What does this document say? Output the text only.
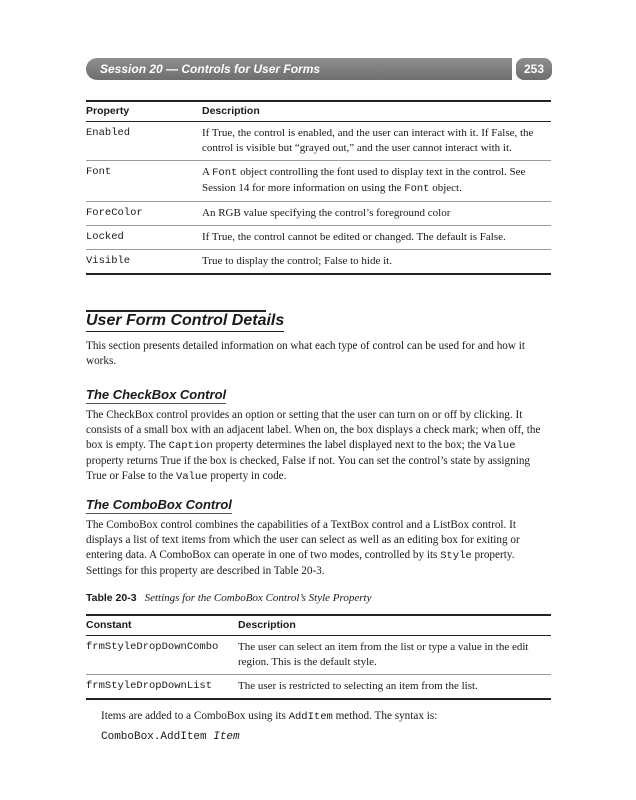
Session 20 — Controls for User Forms	253
Property	Description
Enabled	If True, the control is enabled, and the user can interact with it. If False, the control is visible but “grayed out,” and the user cannot interact with it.
Font	A Font object controlling the font used to display text in the control. See Session 14 for more information on using the Font object.
ForeColor	An RGB value specifying the control’s foreground color
Locked	If True, the control cannot be edited or changed. The default is False.
Visible	True to display the control; False to hide it.
User Form Control Details

This section presents detailed information on what each type of control can be used for and how it works.

The CheckBox Control

The CheckBox control provides an option or setting that the user can turn on or off by clicking. It consists of a small box with an adjacent label. When on, the box displays a check mark; when off, the box is empty. The Caption property determines the label displayed next to the box; the Value property returns True if the box is checked, False if not. You can set the control’s state by assigning True or False to the Value property in code.

The ComboBox Control

The ComboBox control combines the capabilities of a TextBox control and a ListBox control. It displays a list of text items from which the user can select as well as an editing box for exiting or entering data. A ComboBox can operate in one of two modes, controlled by its Style property. Settings for this property are described in Table 20-3.

Table 20-3 Settings for the ComboBox Control’s Style Property
Constant	Description
frmStyleDropDownCombo	The user can select an item from the list or type a value in the edit region. This is the default style.
frmStyleDropDownList	The user is restricted to selecting an item from the list.

Items are added to a ComboBox using its AddItem method. The syntax is:

ComboBox.AddItem Item
